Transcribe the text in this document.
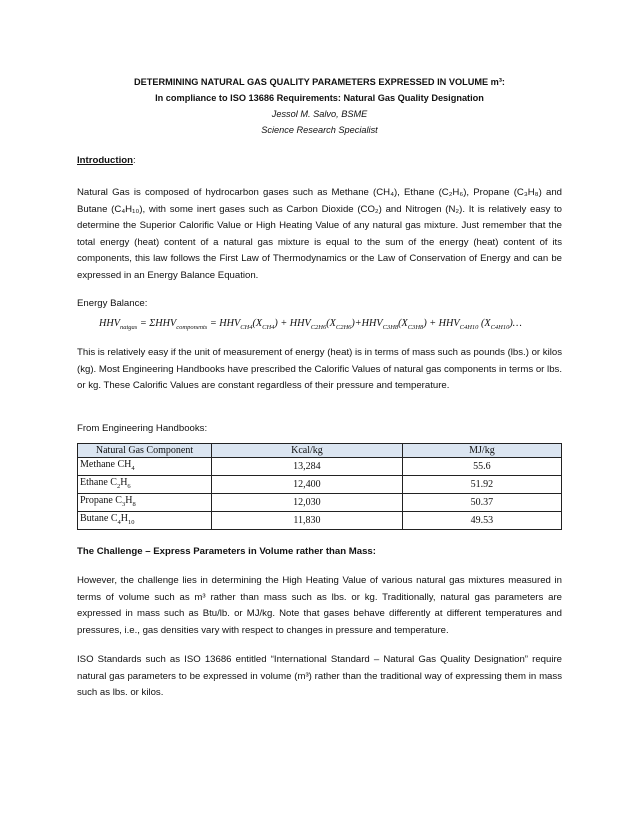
DETERMINING NATURAL GAS QUALITY PARAMETERS EXPRESSED IN VOLUME m³:
In compliance to ISO 13686 Requirements: Natural Gas Quality Designation
Jessol M. Salvo, BSME
Science Research Specialist
Introduction:

Natural Gas is composed of hydrocarbon gases such as Methane (CH₄), Ethane (C₂H₆), Propane (C₃H₈) and Butane (C₄H₁₀), with some inert gases such as Carbon Dioxide (CO₂) and Nitrogen (N₂). It is relatively easy to determine the Superior Calorific Value or High Heating Value of any natural gas mixture. Just remember that the total energy (heat) content of a natural gas mixture is equal to the sum of the energy (heat) content of its components, this law follows the First Law of Thermodynamics or the Law of Conservation of Energy and can be expressed in an Energy Balance Equation.

Energy Balance:

$HHV_{natgas} = \Sigma HHV_{components} = HHV_{CH4}(X_{CH4}) + HHV_{C2H6}(X_{C2H6})+HHV_{C3H8}(X_{C3H8}) + HHV_{C4H10}$ $(X_{C4H10})\dots$

This is relatively easy if the unit of measurement of energy (heat) is in terms of mass such as pounds (lbs.) or kilos (kg). Most Engineering Handbooks have prescribed the Calorific Values of natural gas components in terms or lbs. or kg. These Calorific Values are constant regardless of their pressure and temperature.

From Engineering Handbooks:

Natural Gas Component	Kcal/kg	MJ/kg
Methane $CH_4$	13,284	55.6
Ethane $C_2H_6$	12,400	51.92
Propane $C_3H_8$	12,030	50.37
Butane $C_4H_{10}$	11,830	49.53

The Challenge – Express Parameters in Volume rather than Mass:

However, the challenge lies in determining the High Heating Value of various natural gas mixtures measured in terms of volume such as m³ rather than mass such as lbs. or kg. Traditionally, natural gas parameters are expressed in mass such as Btu/lb. or MJ/kg. Note that gases behave differently at different temperatures and pressures, i.e., gas densities vary with respect to changes in pressure and temperature.

ISO Standards such as ISO 13686 entitled “International Standard – Natural Gas Quality Designation” require natural gas parameters to be expressed in volume (m³) rather than the traditional way of expressing them in mass such as lbs. or kilos.
